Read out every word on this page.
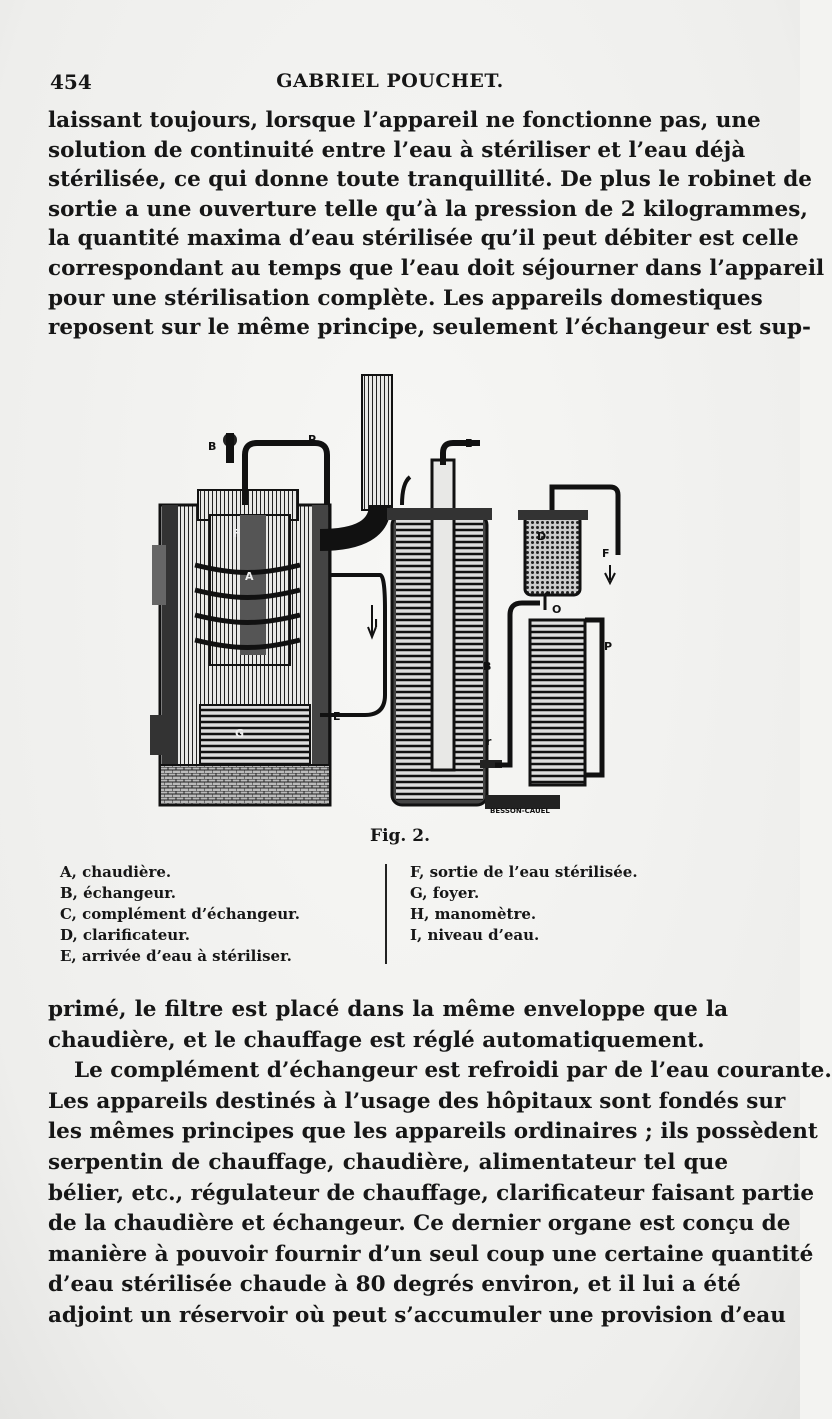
454	GABRIEL POUCHET.
laissant toujours, lorsque l’appareil ne fonctionne pas, une
solution de continuité entre l’eau à stériliser et l’eau déjà
stérilisée, ce qui donne toute tranquillité. De plus le robinet de
sortie a une ouverture telle qu’à la pression de 2 kilogrammes,
la quantité maxima d’eau stérilisée qu’il peut débiter est celle
correspondant au temps que l’eau doit séjourner dans l’appareil
pour une stérilisation complète. Les appareils domestiques
reposent sur le même principe, seulement l’échangeur est sup-
B
P	E
F
A
F
I
E
G
B
r
D
O
P
BESSON-CAUEL
Fig. 2.
A, chaudière.
B, échangeur.
C, complément d’échangeur.
D, clarificateur.
E, arrivée d’eau à stériliser.
F, sortie de l’eau stérilisée.
G, foyer.
H, manomètre.
I, niveau d’eau.
primé, le filtre est placé dans la même enveloppe que la
chaudière, et le chauffage est réglé automatiquement.
Le complément d’échangeur est refroidi par de l’eau courante.
Les appareils destinés à l’usage des hôpitaux sont fondés sur
les mêmes principes que les appareils ordinaires ; ils possèdent
serpentin de chauffage, chaudière, alimentateur tel que
bélier, etc., régulateur de chauffage, clarificateur faisant partie
de la chaudière et échangeur. Ce dernier organe est conçu de
manière à pouvoir fournir d’un seul coup une certaine quantité
d’eau stérilisée chaude à 80 degrés environ, et il lui a été
adjoint un réservoir où peut s’accumuler une provision d’eau
